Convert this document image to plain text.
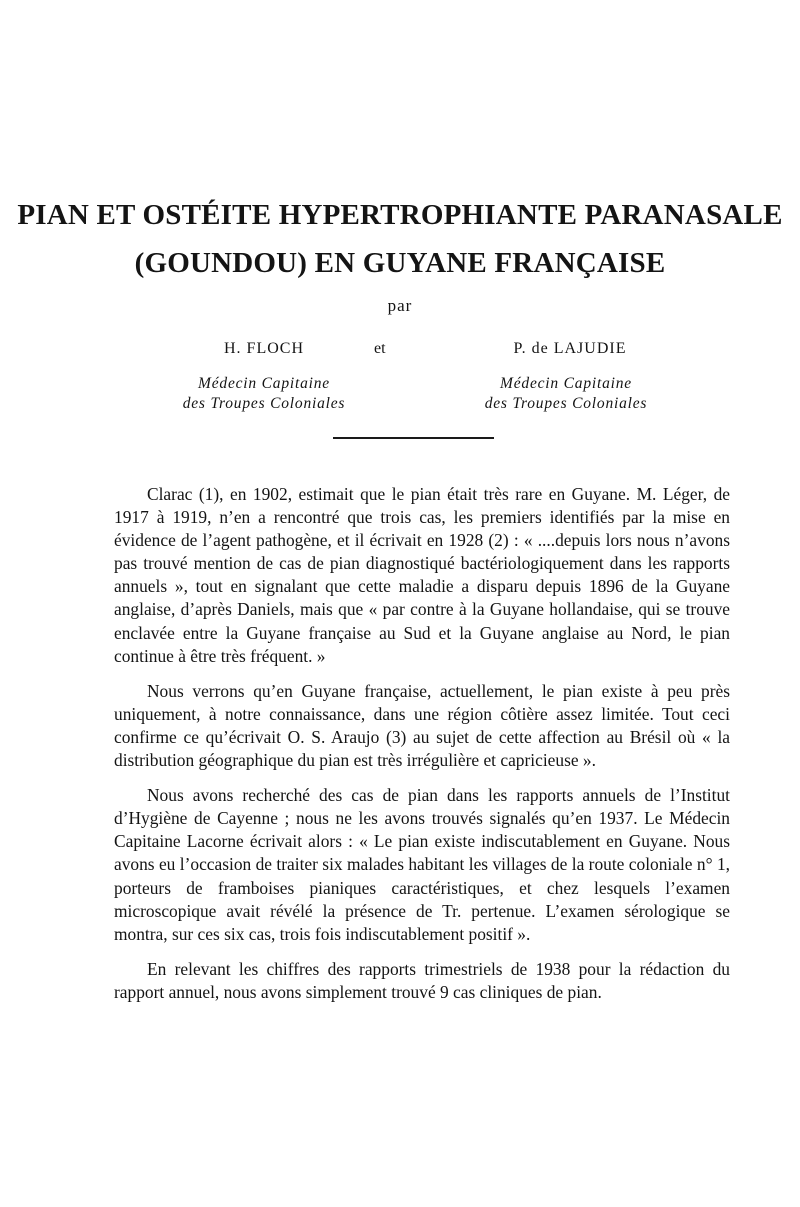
PIAN ET OSTÉITE HYPERTROPHIANTE PARANASALE
(GOUNDOU) EN GUYANE FRANÇAISE
par
H. FLOCH	et	P. de LAJUDIE
Médecin Capitaine
des Troupes Coloniales
Médecin Capitaine
des Troupes Coloniales

Clarac (1), en 1902, estimait que le pian était très rare en Guyane. M. Léger, de 1917 à 1919, n’en a rencontré que trois cas, les premiers identifiés par la mise en évidence de l’agent pathogène, et il écrivait en 1928 (2) : « ....depuis lors nous n’avons pas trouvé mention de cas de pian diagnostiqué bactériologiquement dans les rapports annuels », tout en signalant que cette maladie a disparu depuis 1896 de la Guyane anglaise, d’après Daniels, mais que « par contre à la Guyane hollandaise, qui se trouve enclavée entre la Guyane française au Sud et la Guyane anglaise au Nord, le pian continue à être très fréquent. »

Nous verrons qu’en Guyane française, actuellement, le pian existe à peu près uniquement, à notre connaissance, dans une région côtière assez limitée. Tout ceci confirme ce qu’écrivait O. S. Araujo (3) au sujet de cette affection au Brésil où « la distribution géographique du pian est très irrégulière et capricieuse ».

Nous avons recherché des cas de pian dans les rapports annuels de l’Institut d’Hygiène de Cayenne ; nous ne les avons trouvés signalés qu’en 1937. Le Médecin Capitaine Lacorne écrivait alors : « Le pian existe indiscutablement en Guyane. Nous avons eu l’occasion de traiter six malades habitant les villages de la route coloniale n° 1, porteurs de framboises pianiques caractéristiques, et chez lesquels l’examen microscopique avait révélé la présence de Tr. pertenue. L’examen sérologique se montra, sur ces six cas, trois fois indiscutablement positif ».

En relevant les chiffres des rapports trimestriels de 1938 pour la rédaction du rapport annuel, nous avons simplement trouvé 9 cas cliniques de pian.
